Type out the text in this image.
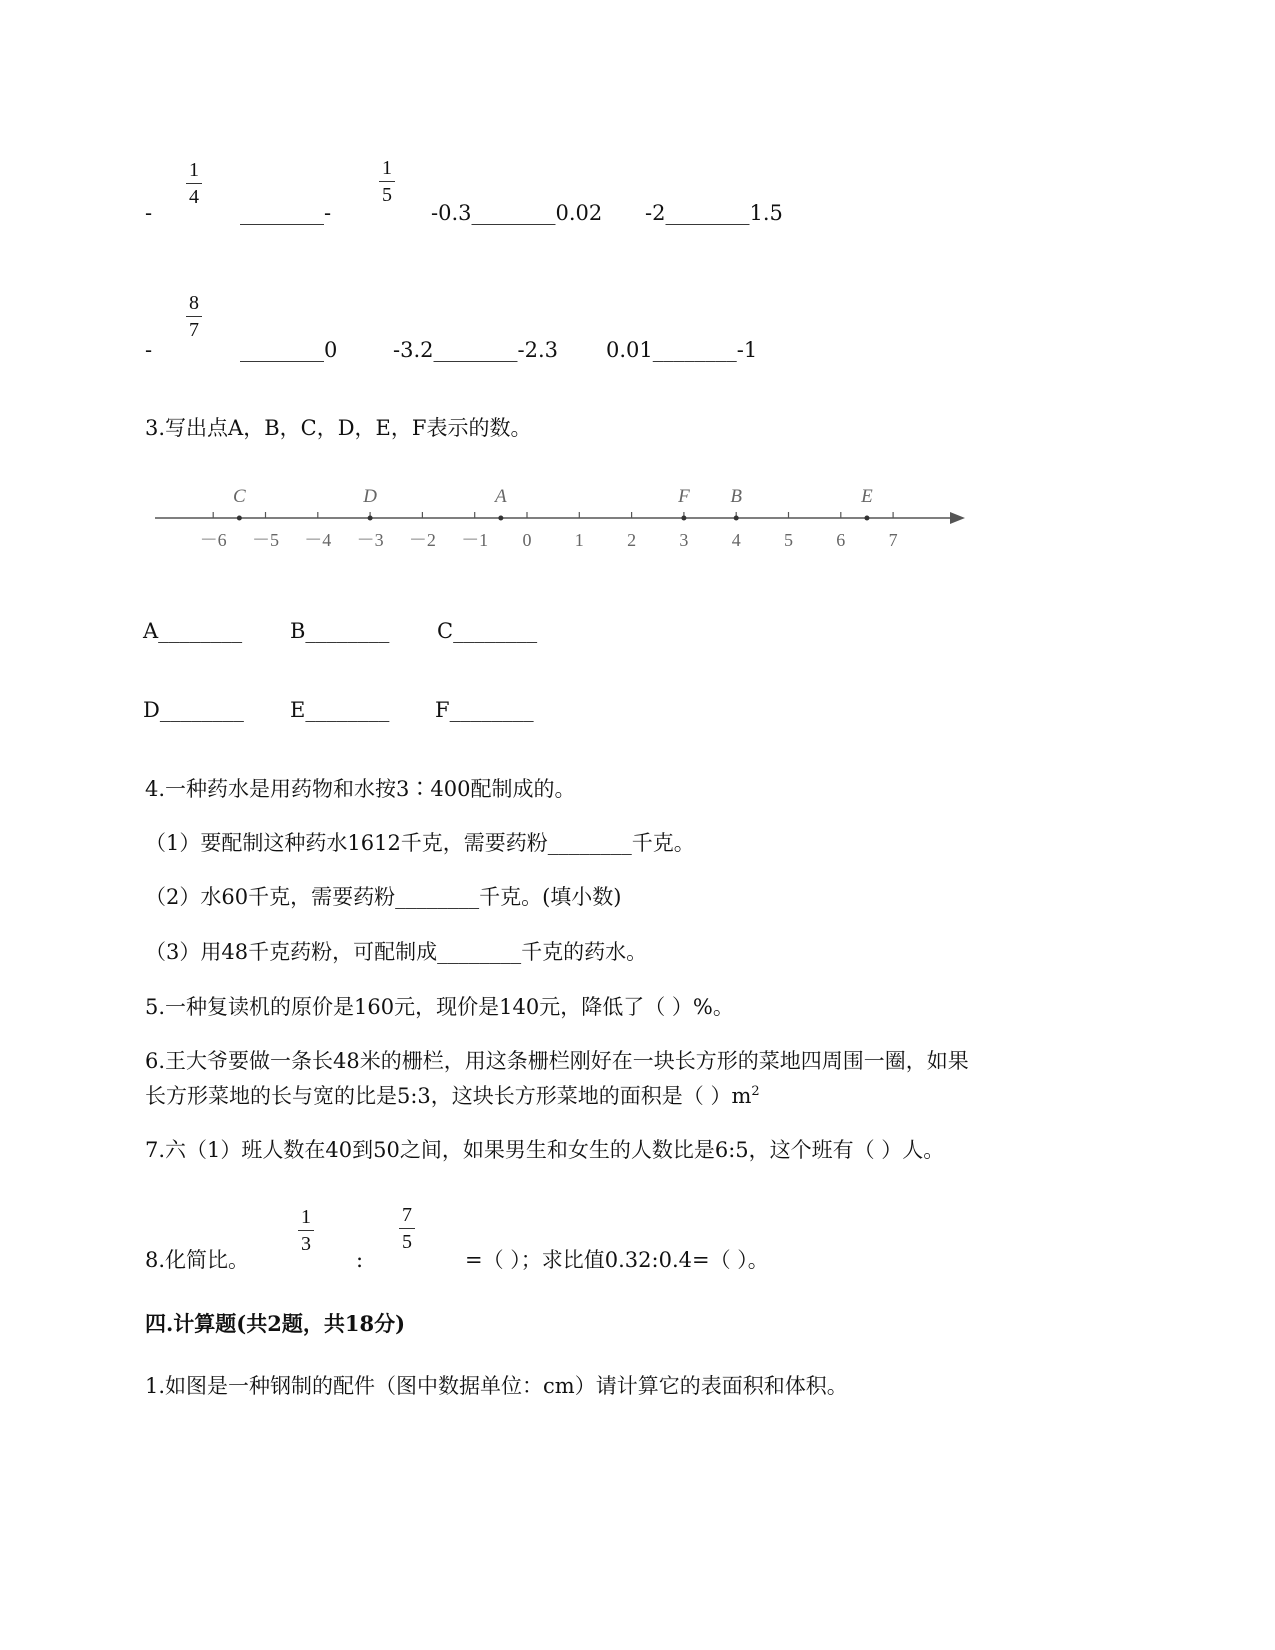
-
1
4
________-
1
5
-0.3________0.02 -2________1.5
-
8
7
________0	-3.2________-2.3 0.01________-1
3.写出点A，B，C，D，E，F表示的数。
－6 －5 －4 －3 －2 －1 0 1 2 3 4 5 6 7
C	D	A	F B	E
A________ B________ C________
D________ E________ F________
4.一种药水是用药物和水按3∶400配制成的。
（1）要配制这种药水1612千克，需要药粉________千克。
（2）水60千克，需要药粉________千克。(填小数)
（3）用48千克药粉，可配制成________千克的药水。
5.一种复读机的原价是160元，现价是140元，降低了（ ）%。
6.王大爷要做一条长48米的栅栏，用这条栅栏刚好在一块长方形的菜地四周围一圈，如果
长方形菜地的长与宽的比是5:3，这块长方形菜地的面积是（ ）$m^2$
7.六（1）班人数在40到50之间，如果男生和女生的人数比是6:5，这个班有（ ）人。
8.化简比。
1
3
:
7
5
=（ ）；求比值0.32:0.4=（ ）。
四.计算题(共2题，共18分)
1.如图是一种钢制的配件（图中数据单位：cm）请计算它的表面积和体积。
